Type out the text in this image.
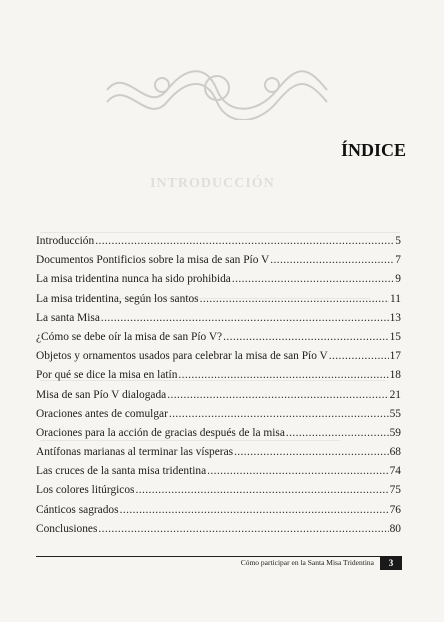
INTRODUCCIÓN
ÍNDICE
Introducción .....	5
Documentos Pontificios sobre la misa de san Pío V .....	7
La misa tridentina nunca ha sido prohibida .....	9
La misa tridentina, según los santos .....	11
La santa Misa .....	13
¿Cómo se debe oír la misa de san Pío V? .....	15
Objetos y ornamentos usados para celebrar la misa de san Pío V .....	17
Por qué se dice la misa en latín .....	18
Misa de san Pío V dialogada .....	21
Oraciones antes de comulgar .....	55
Oraciones para la acción de gracias después de la misa .....	59
Antífonas marianas al terminar las vísperas .....	68
Las cruces de la santa misa tridentina .....	74
Los colores litúrgicos .....	75
Cánticos sagrados .....	76
Conclusiones .....	80
Cómo participar en la Santa Misa Tridentina	3
